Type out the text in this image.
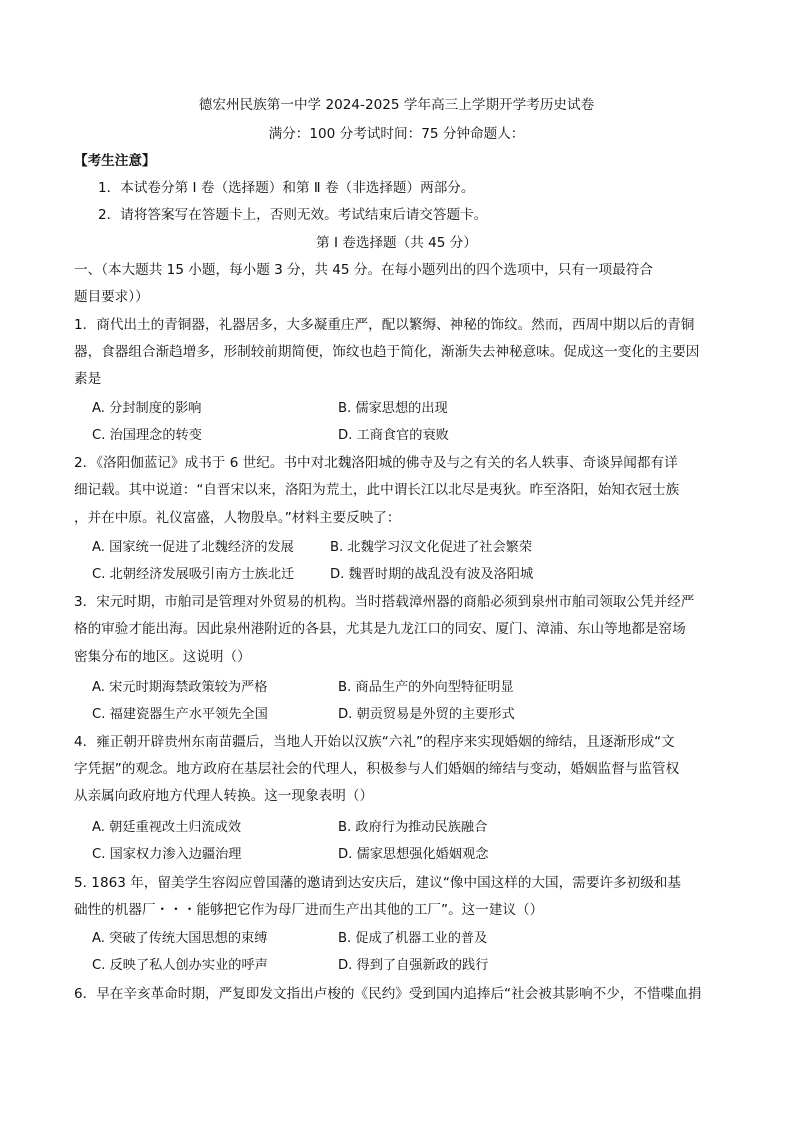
德宏州民族第一中学 2024-2025 学年高三上学期开学考历史试卷
满分：100 分考试时间：75 分钟命题人：
【考生注意】
1．本试卷分第 Ⅰ 卷（选择题）和第 Ⅱ 卷（非选择题）两部分。
2．请将答案写在答题卡上，否则无效。考试结束后请交答题卡。
第 Ⅰ 卷选择题（共 45 分）
一、（本大题共 15 小题，每小题 3 分，共 45 分。在每小题列出的四个选项中，只有一项最符合
题目要求））
1．商代出土的青铜器，礼器居多，大多凝重庄严，配以繁缛、神秘的饰纹。然而，西周中期以后的青铜
器，食器组合渐趋增多，形制较前期简便，饰纹也趋于简化，渐渐失去神秘意味。促成这一变化的主要因
素是
A. 分封制度的影响	B. 儒家思想的出现
C. 治国理念的转变	D. 工商食官的衰败
2．《洛阳伽蓝记》成书于 6 世纪。书中对北魏洛阳城的佛寺及与之有关的名人轶事、奇谈异闻都有详
细记载。其中说道：“自晋宋以来，洛阳为荒土，此中谓长江以北尽是夷狄。昨至洛阳，始知衣冠士族
，并在中原。礼仪富盛，人物殷阜。”材料主要反映了：
A. 国家统一促进了北魏经济的发展	B. 北魏学习汉文化促进了社会繁荣
C. 北朝经济发展吸引南方士族北迁	D. 魏晋时期的战乱没有波及洛阳城
3．宋元时期，市舶司是管理对外贸易的机构。当时搭载漳州器的商船必须到泉州市舶司领取公凭并经严
格的审验才能出海。因此泉州港附近的各县，尤其是九龙江口的同安、厦门、漳浦、东山等地都是窑场
密集分布的地区。这说明（）
A. 宋元时期海禁政策较为严格	B. 商品生产的外向型特征明显
C. 福建瓷器生产水平领先全国	D. 朝贡贸易是外贸的主要形式
4．雍正朝开辟贵州东南苗疆后，当地人开始以汉族“六礼”的程序来实现婚姻的缔结，且逐渐形成“文
字凭据”的观念。地方政府在基层社会的代理人，积极参与人们婚姻的缔结与变动，婚姻监督与监管权
从亲属向政府地方代理人转换。这一现象表明（）
A. 朝廷重视改土归流成效	B. 政府行为推动民族融合
C. 国家权力渗入边疆治理	D. 儒家思想强化婚姻观念
5. 1863 年，留美学生容闳应曾国藩的邀请到达安庆后，建议“像中国这样的大国，需要许多初级和基
础性的机器厂・・・能够把它作为母厂进而生产出其他的工厂”。这一建议（）
A. 突破了传统大国思想的束缚	B. 促成了机器工业的普及
C. 反映了私人创办实业的呼声	D. 得到了自强新政的践行
6．早在辛亥革命时期，严复即发文指出卢梭的《民约》受到国内追捧后“社会被其影响不少，不惜喋血捐
